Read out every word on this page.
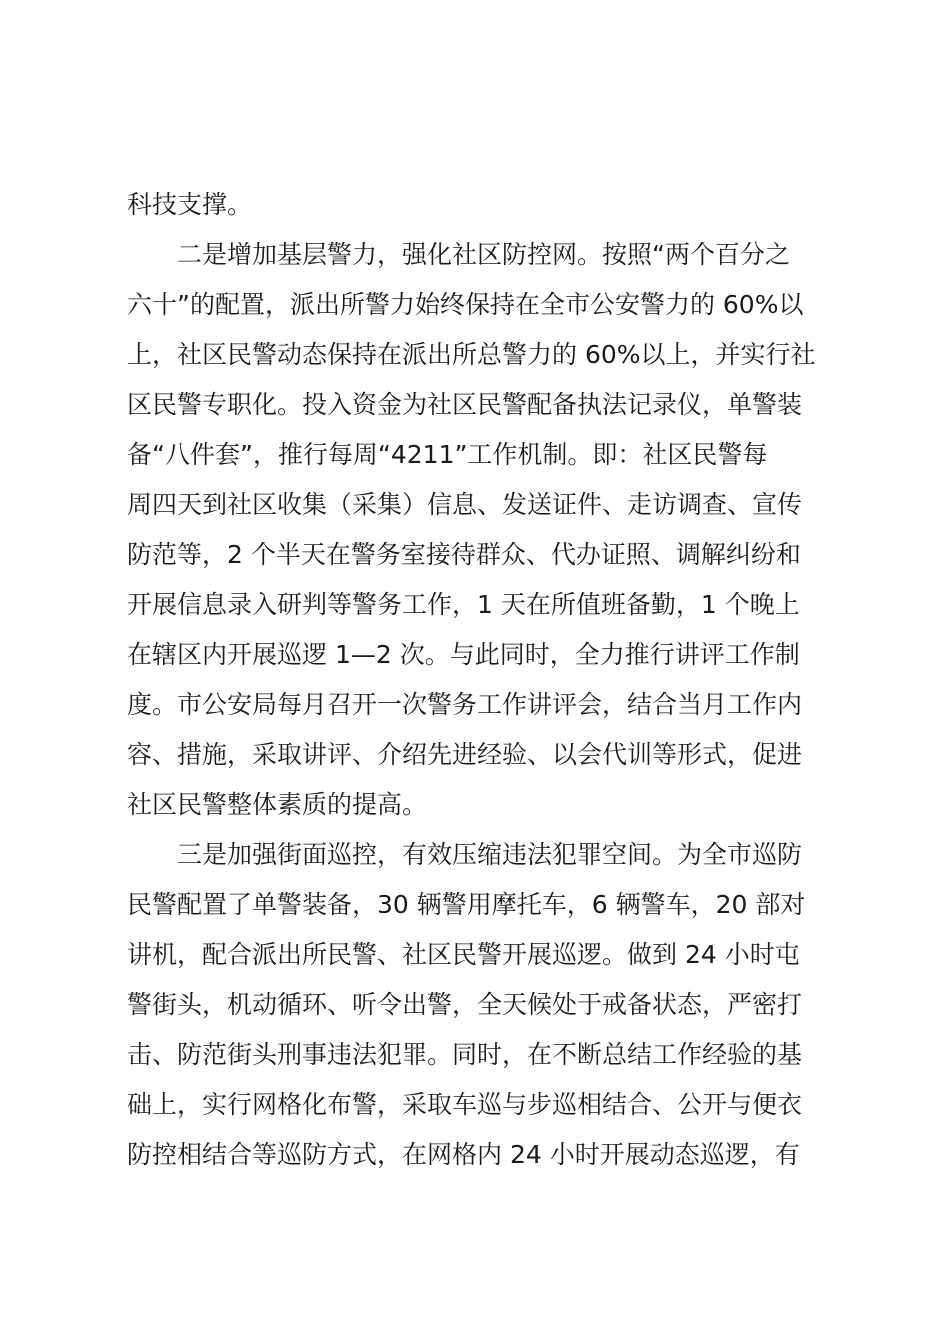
科技支撑。
二是增加基层警力，强化社区防控网。按照“两个百分之
六十”的配置，派出所警力始终保持在全市公安警力的 60%以
上，社区民警动态保持在派出所总警力的 60%以上，并实行社
区民警专职化。投入资金为社区民警配备执法记录仪，单警装
备“八件套”，推行每周“4211”工作机制。即：社区民警每
周四天到社区收集（采集）信息、发送证件、走访调查、宣传
防范等，2 个半天在警务室接待群众、代办证照、调解纠纷和
开展信息录入研判等警务工作，1 天在所值班备勤，1 个晚上
在辖区内开展巡逻 1—2 次。与此同时，全力推行讲评工作制
度。市公安局每月召开一次警务工作讲评会，结合当月工作内
容、措施，采取讲评、介绍先进经验、以会代训等形式，促进
社区民警整体素质的提高。
三是加强街面巡控，有效压缩违法犯罪空间。为全市巡防
民警配置了单警装备，30 辆警用摩托车，6 辆警车，20 部对
讲机，配合派出所民警、社区民警开展巡逻。做到 24 小时屯
警街头，机动循环、听令出警，全天候处于戒备状态，严密打
击、防范街头刑事违法犯罪。同时，在不断总结工作经验的基
础上，实行网格化布警，采取车巡与步巡相结合、公开与便衣
防控相结合等巡防方式，在网格内 24 小时开展动态巡逻，有
